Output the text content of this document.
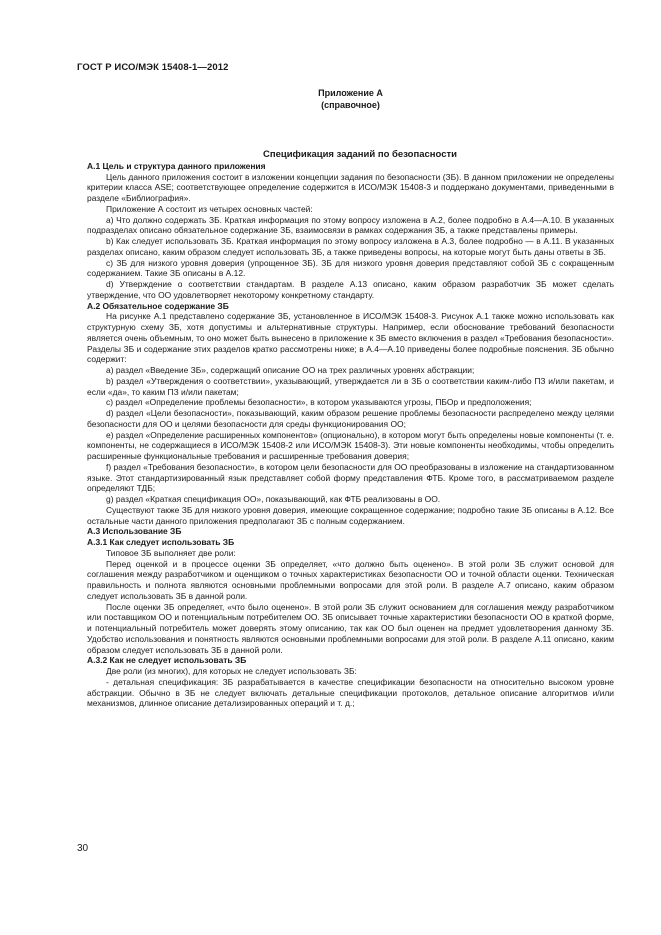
ГОСТ Р ИСО/МЭК 15408-1—2012
Приложение А
(справочное)

Спецификация заданий по безопасности

А.1 Цель и структура данного приложения

Цель данного приложения состоит в изложении концепции задания по безопасности (ЗБ). В данном приложении не определены критерии класса ASE; соответствующее определение содержится в ИСО/МЭК 15408-3 и поддержано документами, приведенными в разделе «Библиография».

Приложение А состоит из четырех основных частей:

a) Что должно содержать ЗБ. Краткая информация по этому вопросу изложена в А.2, более подробно в А.4—А.10. В указанных подразделах описано обязательное содержание ЗБ, взаимосвязи в рамках содержания ЗБ, а также представлены примеры.

b) Как следует использовать ЗБ. Краткая информация по этому вопросу изложена в А.3, более подробно — в А.11. В указанных разделах описано, каким образом следует использовать ЗБ, а также приведены вопросы, на которые могут быть даны ответы в ЗБ.

c) ЗБ для низкого уровня доверия (упрощенное ЗБ). ЗБ для низкого уровня доверия представляют собой ЗБ с сокращенным содержанием. Такие ЗБ описаны в А.12.

d) Утверждение о соответствии стандартам. В разделе А.13 описано, каким образом разработчик ЗБ может сделать утверждение, что ОО удовлетворяет некоторому конкретному стандарту.

А.2 Обязательное содержание ЗБ

На рисунке А.1 представлено содержание ЗБ, установленное в ИСО/МЭК 15408-3. Рисунок А.1 также можно использовать как структурную схему ЗБ, хотя допустимы и альтернативные структуры. Например, если обоснование требований безопасности является очень объемным, то оно может быть вынесено в приложение к ЗБ вместо включения в раздел «Требования безопасности». Разделы ЗБ и содержание этих разделов кратко рассмотрены ниже; в А.4—А.10 приведены более подробные пояснения. ЗБ обычно содержит:

a) раздел «Введение ЗБ», содержащий описание ОО на трех различных уровнях абстракции;

b) раздел «Утверждения о соответствии», указывающий, утверждается ли в ЗБ о соответствии каким-либо ПЗ и/или пакетам, и если «да», то каким ПЗ и/или пакетам;

c) раздел «Определение проблемы безопасности», в котором указываются угрозы, ПБОр и предположения;

d) раздел «Цели безопасности», показывающий, каким образом решение проблемы безопасности распределено между целями безопасности для ОО и целями безопасности для среды функционирования ОО;

e) раздел «Определение расширенных компонентов» (опционально), в котором могут быть определены новые компоненты (т. е. компоненты, не содержащиеся в ИСО/МЭК 15408-2 или ИСО/МЭК 15408-3). Эти новые компоненты необходимы, чтобы определить расширенные функциональные требования и расширенные требования доверия;

f) раздел «Требования безопасности», в котором цели безопасности для ОО преобразованы в изложение на стандартизованном языке. Этот стандартизированный язык представляет собой форму представления ФТБ. Кроме того, в рассматриваемом разделе определяют ТДБ;

g) раздел «Краткая спецификация ОО», показывающий, как ФТБ реализованы в ОО.

Существуют также ЗБ для низкого уровня доверия, имеющие сокращенное содержание; подробно такие ЗБ описаны в А.12. Все остальные части данного приложения предполагают ЗБ с полным содержанием.

А.3 Использование ЗБ

А.3.1 Как следует использовать ЗБ

Типовое ЗБ выполняет две роли:

Перед оценкой и в процессе оценки ЗБ определяет, «что должно быть оценено». В этой роли ЗБ служит основой для соглашения между разработчиком и оценщиком о точных характеристиках безопасности ОО и точной области оценки. Техническая правильность и полнота являются основными проблемными вопросами для этой роли. В разделе А.7 описано, каким образом следует использовать ЗБ в данной роли.

После оценки ЗБ определяет, «что было оценено». В этой роли ЗБ служит основанием для соглашения между разработчиком или поставщиком ОО и потенциальным потребителем ОО. ЗБ описывает точные характеристики безопасности ОО в краткой форме, и потенциальный потребитель может доверять этому описанию, так как ОО был оценен на предмет удовлетворения данному ЗБ. Удобство использования и понятность являются основными проблемными вопросами для этой роли. В разделе А.11 описано, каким образом следует использовать ЗБ в данной роли.

А.3.2 Как не следует использовать ЗБ

Две роли (из многих), для которых не следует использовать ЗБ:

- детальная спецификация: ЗБ разрабатывается в качестве спецификации безопасности на относительно высоком уровне абстракции. Обычно в ЗБ не следует включать детальные спецификации протоколов, детальное описание алгоритмов и/или механизмов, длинное описание детализированных операций и т. д.;

30
